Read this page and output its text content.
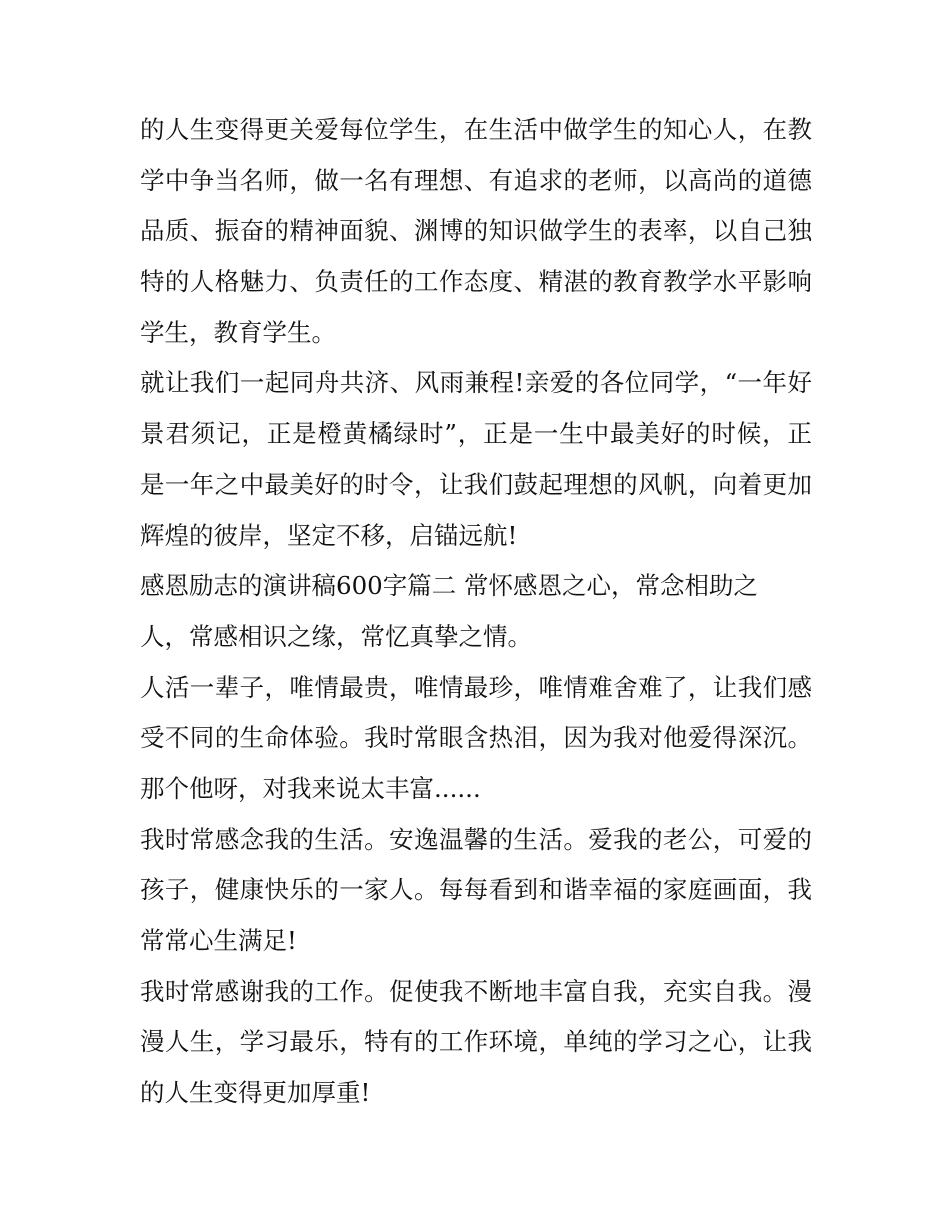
的人生变得更关爱每位学生，在生活中做学生的知心人，在教
学中争当名师，做一名有理想、有追求的老师，以高尚的道德
品质、振奋的精神面貌、渊博的知识做学生的表率，以自己独
特的人格魅力、负责任的工作态度、精湛的教育教学水平影响
学生，教育学生。
就让我们一起同舟共济、风雨兼程!亲爱的各位同学，“一年好
景君须记，正是橙黄橘绿时”，正是一生中最美好的时候，正
是一年之中最美好的时令，让我们鼓起理想的风帆，向着更加
辉煌的彼岸，坚定不移，启锚远航!
感恩励志的演讲稿600字篇二 常怀感恩之心，常念相助之
人，常感相识之缘，常忆真挚之情。
人活一辈子，唯情最贵，唯情最珍，唯情难舍难了，让我们感
受不同的生命体验。我时常眼含热泪，因为我对他爱得深沉。
那个他呀，对我来说太丰富......
我时常感念我的生活。安逸温馨的生活。爱我的老公，可爱的
孩子，健康快乐的一家人。每每看到和谐幸福的家庭画面，我
常常心生满足!
我时常感谢我的工作。促使我不断地丰富自我，充实自我。漫
漫人生，学习最乐，特有的工作环境，单纯的学习之心，让我
的人生变得更加厚重!
